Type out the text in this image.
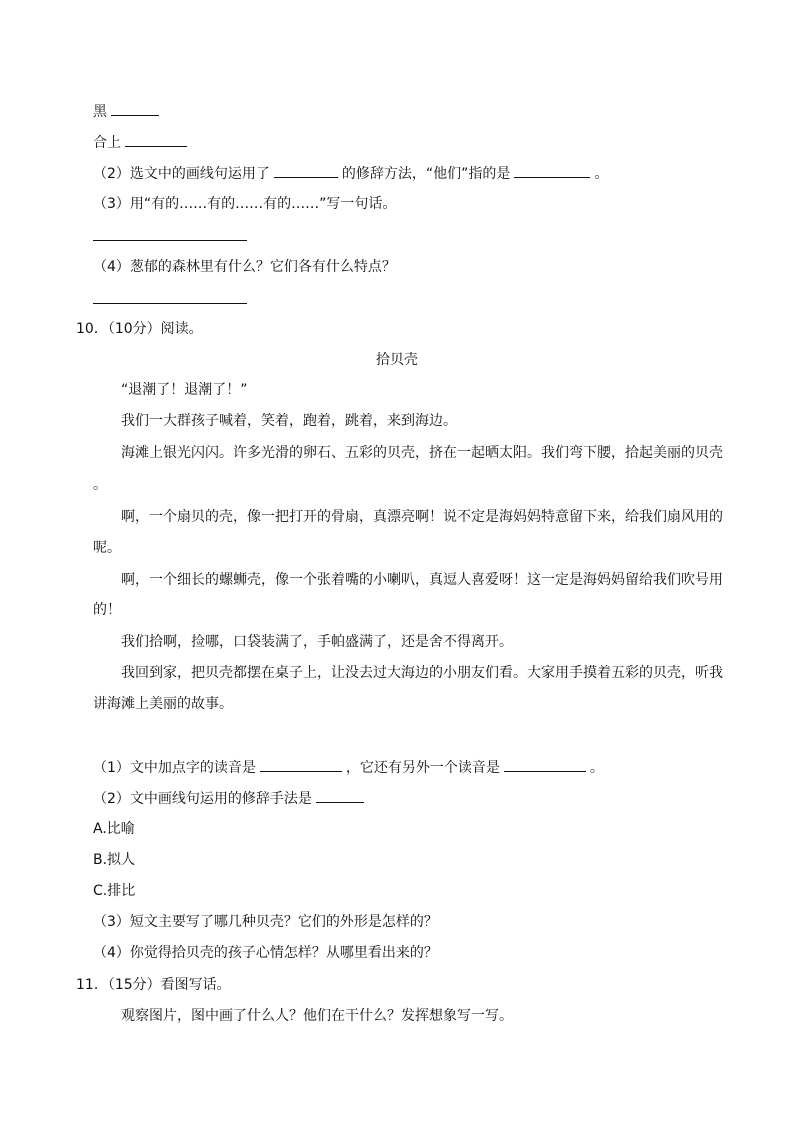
黑
合上
（2）选文中的画线句运用了	的修辞方法，“他们”指的是	。
（3）用“有的……有的……有的……”写一句话。
（4）葱郁的森林里有什么？它们各有什么特点？
10．（10分）阅读。
拾贝壳
“退潮了！退潮了！”
我们一大群孩子喊着，笑着，跑着，跳着，来到海边。
海滩上银光闪闪。许多光滑的卵石、五彩的贝壳，挤在一起晒太阳。我们弯下腰，拾起美丽的贝壳
。
啊，一个扇贝的壳，像一把打开的骨扇，真漂亮啊！说不定是海妈妈特意留下来，给我们扇风用的
呢。
啊，一个细长的螺蛳壳，像一个张着嘴的小喇叭，真逗人喜爱呀！这一定是海妈妈留给我们吹号用
的！
我们拾啊，捡哪，口袋装满了，手帕盛满了，还是舍不得离开。
我回到家，把贝壳都摆在桌子上，让没去过大海边的小朋友们看。大家用手摸着五彩的贝壳，听我
讲海滩上美丽的故事。
（1）文中加点字的读音是	，它还有另外一个读音是	。
（2）文中画线句运用的修辞手法是
A.比喻
B.拟人
C.排比
（3）短文主要写了哪几种贝壳？它们的外形是怎样的？
（4）你觉得拾贝壳的孩子心情怎样？从哪里看出来的？
11．（15分）看图写话。
观察图片，图中画了什么人？他们在干什么？发挥想象写一写。
